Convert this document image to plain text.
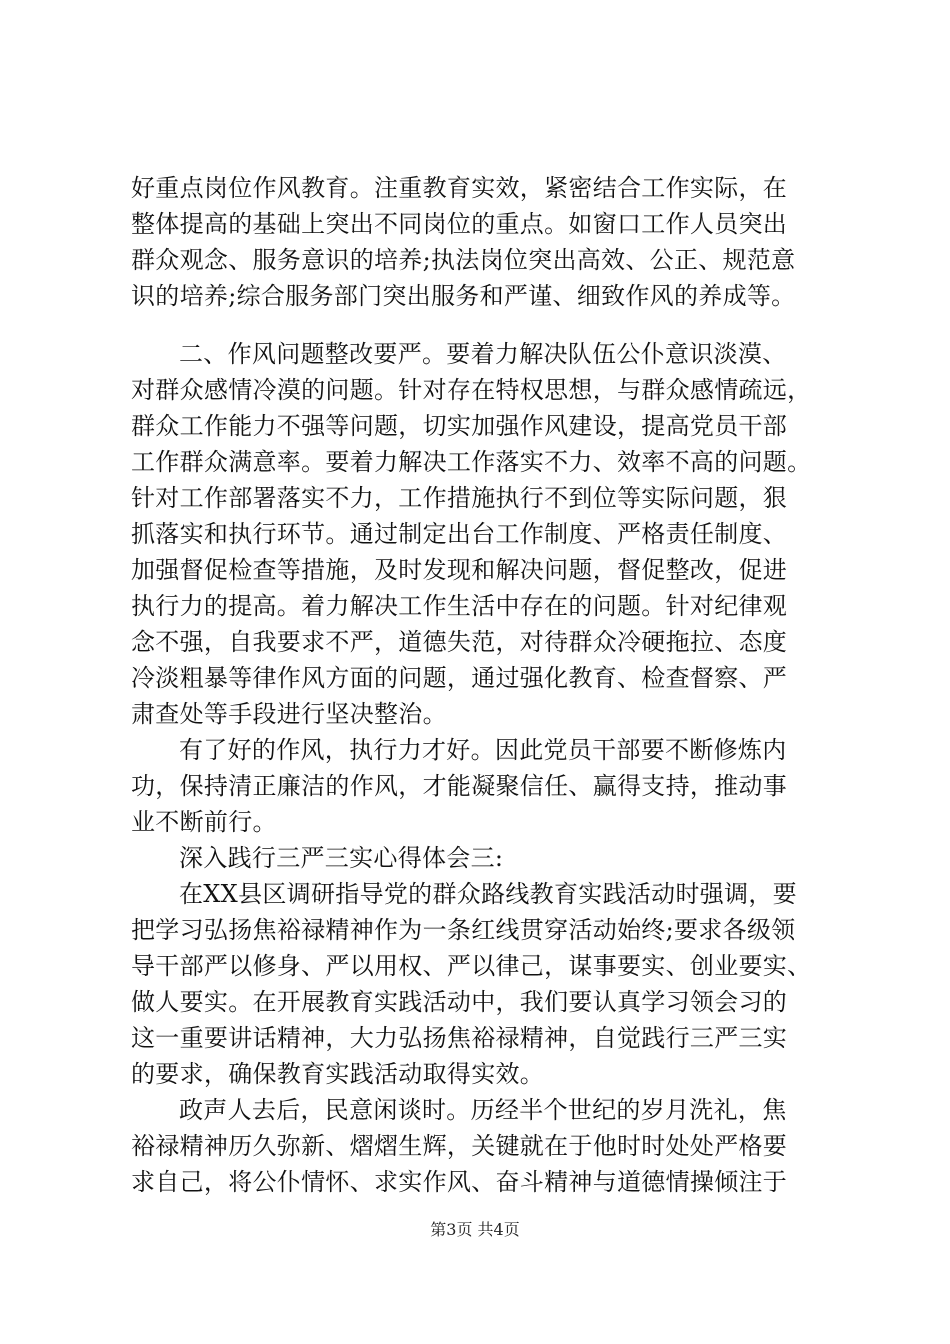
好重点岗位作风教育。注重教育实效，紧密结合工作实际，在
整体提高的基础上突出不同岗位的重点。如窗口工作人员突出
群众观念、服务意识的培养;执法岗位突出高效、公正、规范意
识的培养;综合服务部门突出服务和严谨、细致作风的养成等。
二、作风问题整改要严。要着力解决队伍公仆意识淡漠、
对群众感情冷漠的问题。针对存在特权思想，与群众感情疏远，
群众工作能力不强等问题，切实加强作风建设，提高党员干部
工作群众满意率。要着力解决工作落实不力、效率不高的问题。
针对工作部署落实不力，工作措施执行不到位等实际问题，狠
抓落实和执行环节。通过制定出台工作制度、严格责任制度、
加强督促检查等措施，及时发现和解决问题，督促整改，促进
执行力的提高。着力解决工作生活中存在的问题。针对纪律观
念不强，自我要求不严，道德失范，对待群众冷硬拖拉、态度
冷淡粗暴等律作风方面的问题，通过强化教育、检查督察、严
肃查处等手段进行坚决整治。
有了好的作风，执行力才好。因此党员干部要不断修炼内
功，保持清正廉洁的作风，才能凝聚信任、赢得支持，推动事
业不断前行。
深入践行三严三实心得体会三:
在XX县区调研指导党的群众路线教育实践活动时强调，要
把学习弘扬焦裕禄精神作为一条红线贯穿活动始终;要求各级领
导干部严以修身、严以用权、严以律己，谋事要实、创业要实、
做人要实。在开展教育实践活动中，我们要认真学习领会习的
这一重要讲话精神，大力弘扬焦裕禄精神，自觉践行三严三实
的要求，确保教育实践活动取得实效。
政声人去后，民意闲谈时。历经半个世纪的岁月洗礼，焦
裕禄精神历久弥新、熠熠生辉，关键就在于他时时处处严格要
求自己，将公仆情怀、求实作风、奋斗精神与道德情操倾注于
第3页 共4页
